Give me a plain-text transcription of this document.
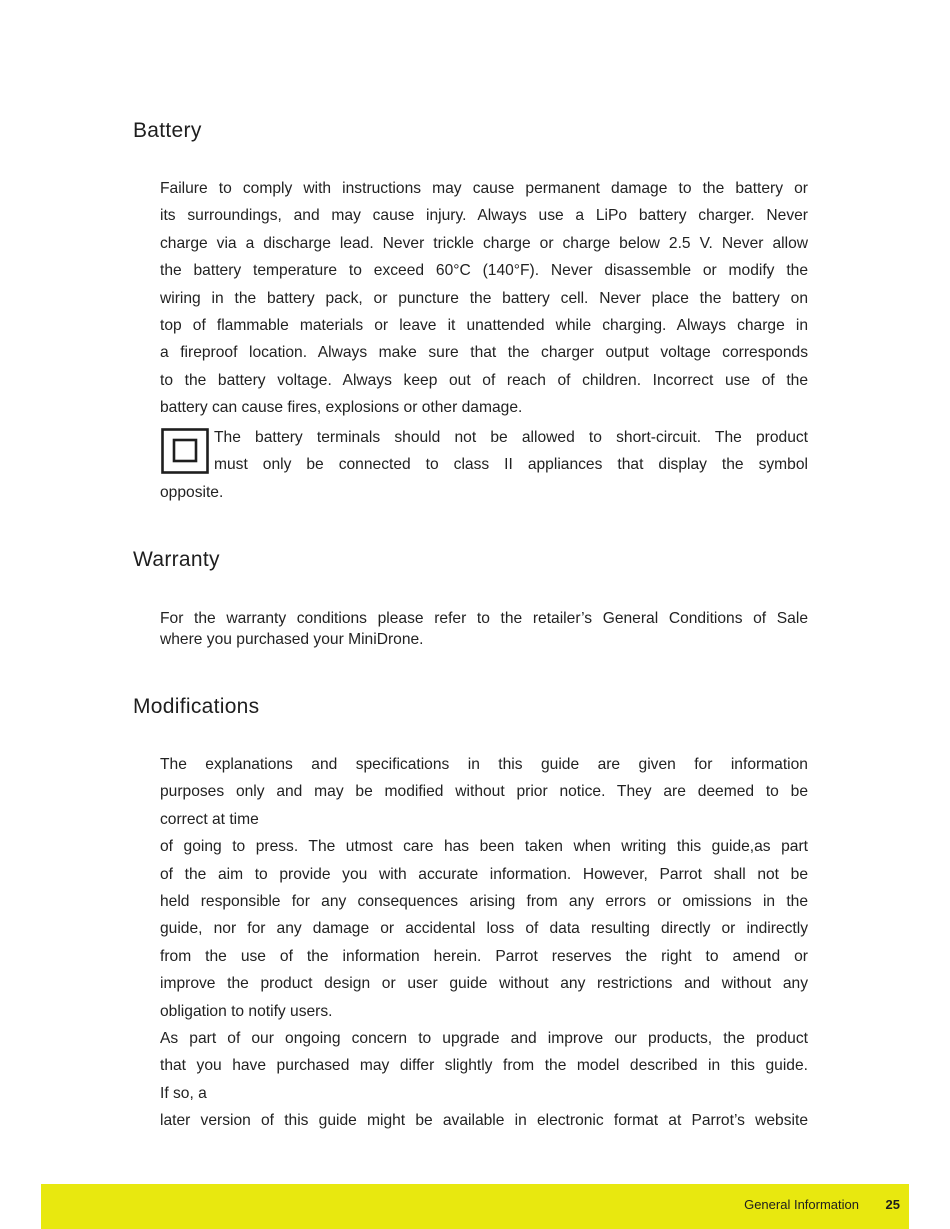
Battery
Failure to comply with instructions may cause permanent damage to the battery or
its surroundings, and may cause injury. Always use a LiPo battery charger. Never
charge via a discharge lead. Never trickle charge or charge below 2.5 V. Never allow
the battery temperature to exceed 60°C (140°F). Never disassemble or modify the
wiring in the battery pack, or puncture the battery cell. Never place the battery on
top of flammable materials or leave it unattended while charging. Always charge in
a fireproof location. Always make sure that the charger output voltage corresponds
to the battery voltage. Always keep out of reach of children. Incorrect use of the
battery can cause fires, explosions or other damage.

The battery terminals should not be allowed to short-circuit. The product
must only be connected to class II appliances that display the symbol

opposite.

Warranty
For the warranty conditions please refer to the retailer’s General Conditions of Sale
where you purchased your MiniDrone.
Modifications
The explanations and specifications in this guide are given for information
purposes only and may be modified without prior notice. They are deemed to be
correct at time
of going to press. The utmost care has been taken when writing this guide,as part
of the aim to provide you with accurate information. However, Parrot shall not be
held responsible for any consequences arising from any errors or omissions in the
guide, nor for any damage or accidental loss of data resulting directly or indirectly
from the use of the information herein. Parrot reserves the right to amend or
improve the product design or user guide without any restrictions and without any
obligation to notify users.
As part of our ongoing concern to upgrade and improve our products, the product
that you have purchased may differ slightly from the model described in this guide.
If so, a
later version of this guide might be available in electronic format at Parrot’s website
General Information 25
